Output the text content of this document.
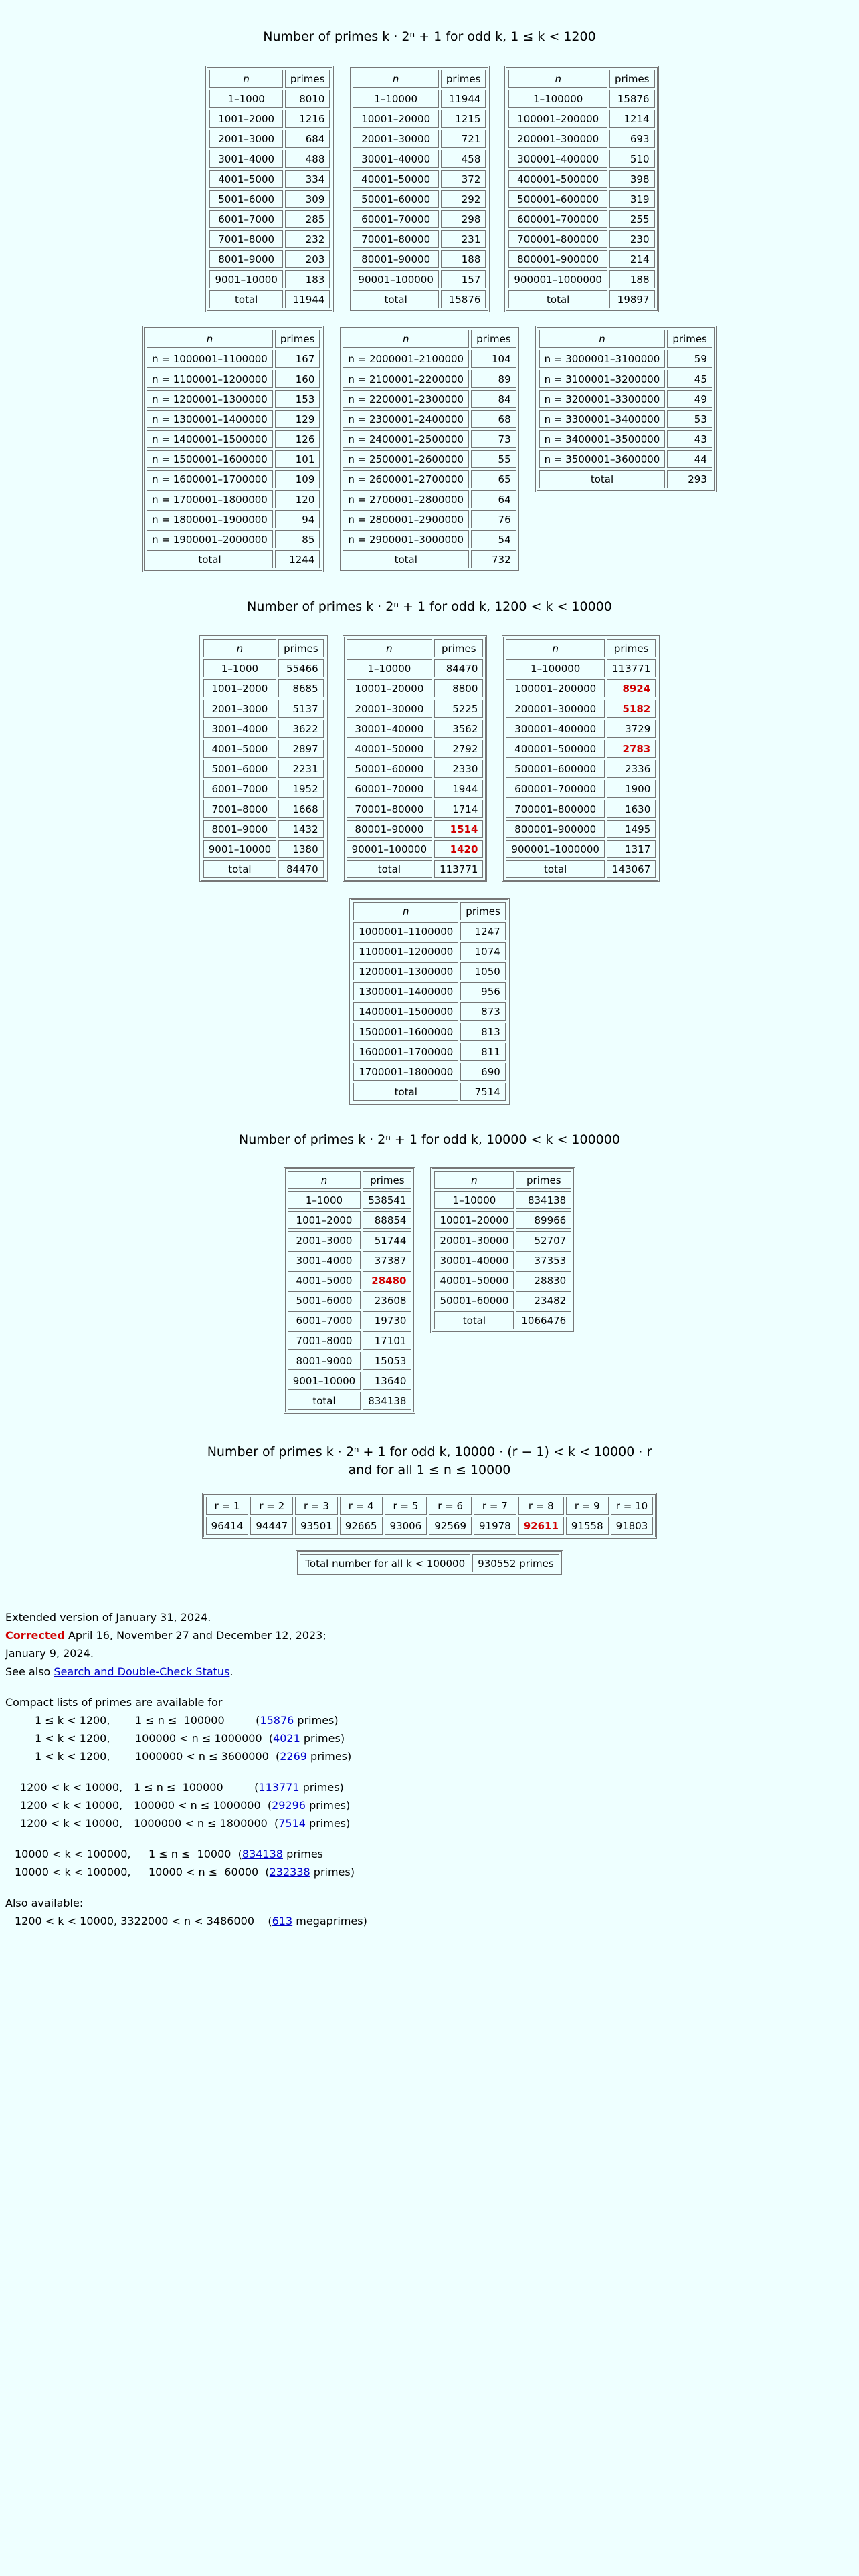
Number of primes k · 2ⁿ + 1 for odd k, 1 ≤ k < 1200

n	primes
1–1000	8010
1001–2000	1216
2001–3000	684
3001–4000	488
4001–5000	334
5001–6000	309
6001–7000	285
7001–8000	232
8001–9000	203
9001–10000	183
total	11944
n	primes
1–10000	11944
10001–20000	1215
20001–30000	721
30001–40000	458
40001–50000	372
50001–60000	292
60001–70000	298
70001–80000	231
80001–90000	188
90001–100000	157
total	15876
n	primes
1–100000	15876
100001–200000	1214
200001–300000	693
300001–400000	510
400001–500000	398
500001–600000	319
600001–700000	255
700001–800000	230
800001–900000	214
900001–1000000	188
total	19897
n	primes
n = 1000001–1100000	167
n = 1100001–1200000	160
n = 1200001–1300000	153
n = 1300001–1400000	129
n = 1400001–1500000	126
n = 1500001–1600000	101
n = 1600001–1700000	109
n = 1700001–1800000	120
n = 1800001–1900000	94
n = 1900001–2000000	85
total	1244
n	primes
n = 2000001–2100000	104
n = 2100001–2200000	89
n = 2200001–2300000	84
n = 2300001–2400000	68
n = 2400001–2500000	73
n = 2500001–2600000	55
n = 2600001–2700000	65
n = 2700001–2800000	64
n = 2800001–2900000	76
n = 2900001–3000000	54
total	732
n	primes
n = 3000001–3100000	59
n = 3100001–3200000	45
n = 3200001–3300000	49
n = 3300001–3400000	53
n = 3400001–3500000	43
n = 3500001–3600000	44
total	293

Number of primes k · 2ⁿ + 1 for odd k, 1200 < k < 10000

n	primes
1–1000	55466
1001–2000	8685
2001–3000	5137
3001–4000	3622
4001–5000	2897
5001–6000	2231
6001–7000	1952
7001–8000	1668
8001–9000	1432
9001–10000	1380
total	84470
n	primes
1–10000	84470
10001–20000	8800
20001–30000	5225
30001–40000	3562
40001–50000	2792
50001–60000	2330
60001–70000	1944
70001–80000	1714
80001–90000	1514
90001–100000	1420
total	113771
n	primes
1–100000	113771
100001–200000	8924
200001–300000	5182
300001–400000	3729
400001–500000	2783
500001–600000	2336
600001–700000	1900
700001–800000	1630
800001–900000	1495
900001–1000000	1317
total	143067
n	primes
1000001–1100000	1247
1100001–1200000	1074
1200001–1300000	1050
1300001–1400000	956
1400001–1500000	873
1500001–1600000	813
1600001–1700000	811
1700001–1800000	690
total	7514

Number of primes k · 2ⁿ + 1 for odd k, 10000 < k < 100000

n	primes
1–1000	538541
1001–2000	88854
2001–3000	51744
3001–4000	37387
4001–5000	28480
5001–6000	23608
6001–7000	19730
7001–8000	17101
8001–9000	15053
9001–10000	13640
total	834138
n	primes
1–10000	834138
10001–20000	89966
20001–30000	52707
30001–40000	37353
40001–50000	28830
50001–60000	23482
total	1066476
Number of primes k · 2ⁿ + 1 for odd k, 10000 · (r − 1) < k < 10000 · r
and for all 1 ≤ n ≤ 10000
r = 1	r = 2	r = 3	r = 4	r = 5	r = 6	r = 7	r = 8	r = 9	r = 10
96414	94447	93501	92665	93006	92569	91978	92611	91558	91803
Total number for all k < 100000	930552 primes
Extended version of January 31, 2024.
Corrected April 16, November 27 and December 12, 2023;
January 9, 2024.
See also Search and Double-Check Status.
Compact lists of primes are available for
1 ≤ k < 1200, 1 ≤ n ≤  100000  (15876 primes)
1 < k < 1200, 100000 < n ≤ 1000000  (4021 primes)
1 < k < 1200, 1000000 < n ≤ 3600000  (2269 primes)
1200 < k < 10000, 1 ≤ n ≤  100000  (113771 primes)
1200 < k < 10000, 100000 < n ≤ 1000000  (29296 primes)
1200 < k < 10000, 1000000 < n ≤ 1800000  (7514 primes)
10000 < k < 100000, 1 ≤ n ≤  10000  (834138 primes
10000 < k < 100000, 10000 < n ≤  60000  (232338 primes)
Also available:
1200 < k < 10000, 3322000 < n < 3486000    (613 megaprimes)
